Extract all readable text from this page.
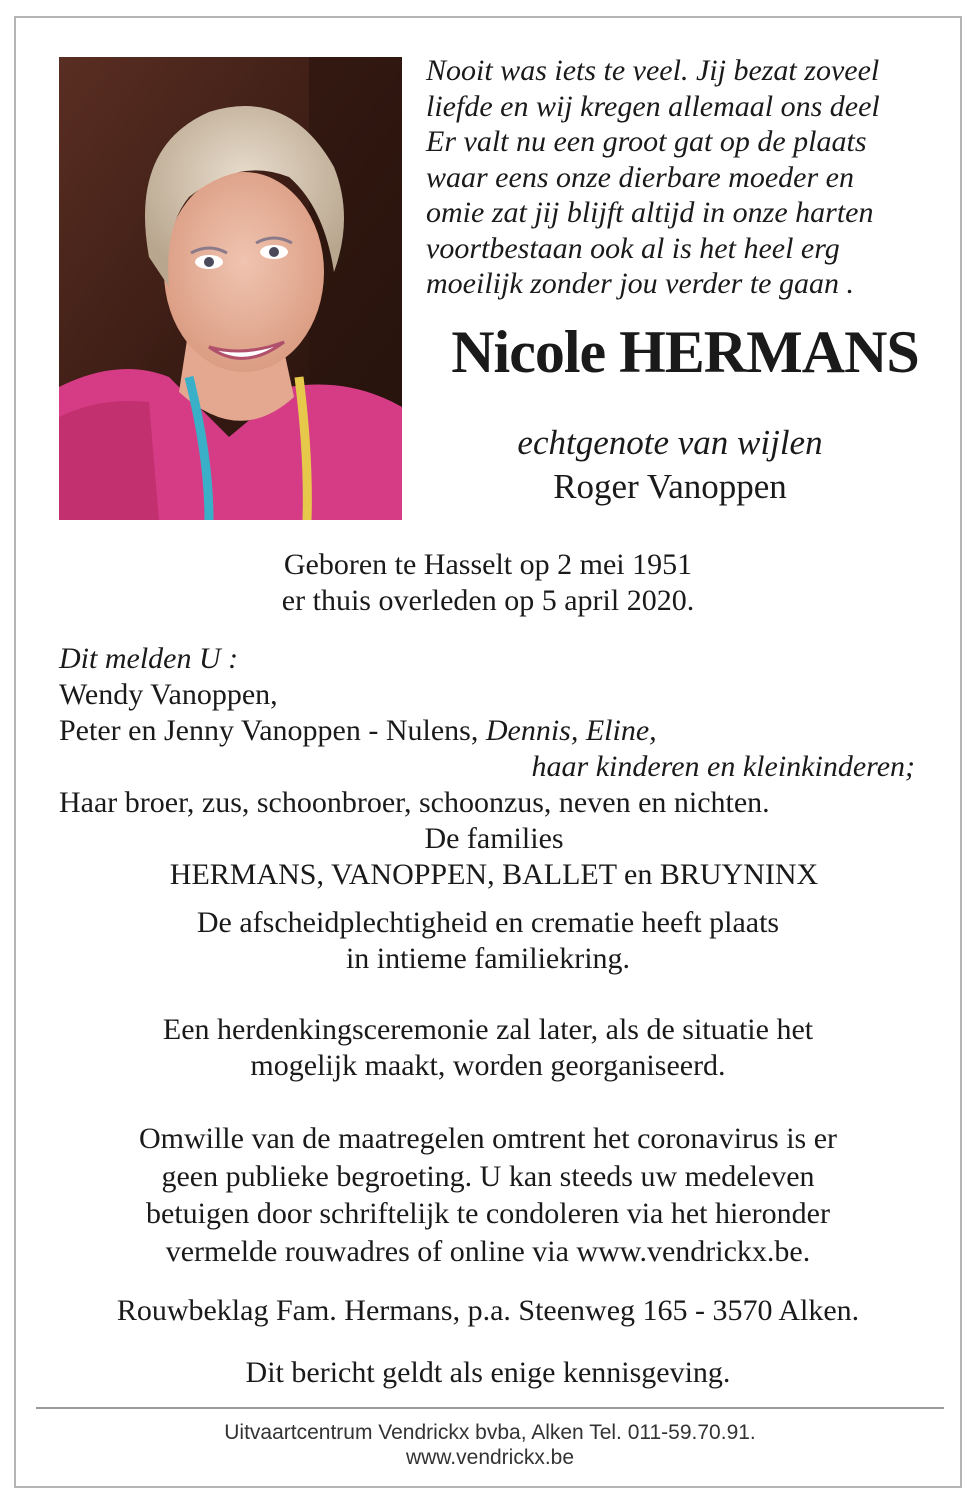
Nooit was iets te veel. Jij bezat zoveel
liefde en wij kregen allemaal ons deel
Er valt nu een groot gat op de plaats
waar eens onze dierbare moeder en
omie zat jij blijft altijd in onze harten
voortbestaan ook al is het heel erg
moeilijk zonder jou verder te gaan .
Nicole HERMANS
echtgenote van wijlen
Roger Vanoppen
Geboren te Hasselt op 2 mei 1951
er thuis overleden op 5 april 2020.
Dit melden U :
Wendy Vanoppen,
Peter en Jenny Vanoppen - Nulens, Dennis, Eline,
haar kinderen en kleinkinderen;
Haar broer, zus, schoonbroer, schoonzus, neven en nichten.
De families
HERMANS, VANOPPEN, BALLET en BRUYNINX
De afscheidplechtigheid en crematie heeft plaats
in intieme familiekring.
Een herdenkingsceremonie zal later, als de situatie het
mogelijk maakt, worden georganiseerd.
Omwille van de maatregelen omtrent het coronavirus is er
geen publieke begroeting. U kan steeds uw medeleven
betuigen door schriftelijk te condoleren via het hieronder
vermelde rouwadres of online via www.vendrickx.be.
Rouwbeklag Fam. Hermans, p.a. Steenweg 165 - 3570 Alken.
Dit bericht geldt als enige kennisgeving.
Uitvaartcentrum Vendrickx bvba, Alken Tel. 011-59.70.91.
www.vendrickx.be
